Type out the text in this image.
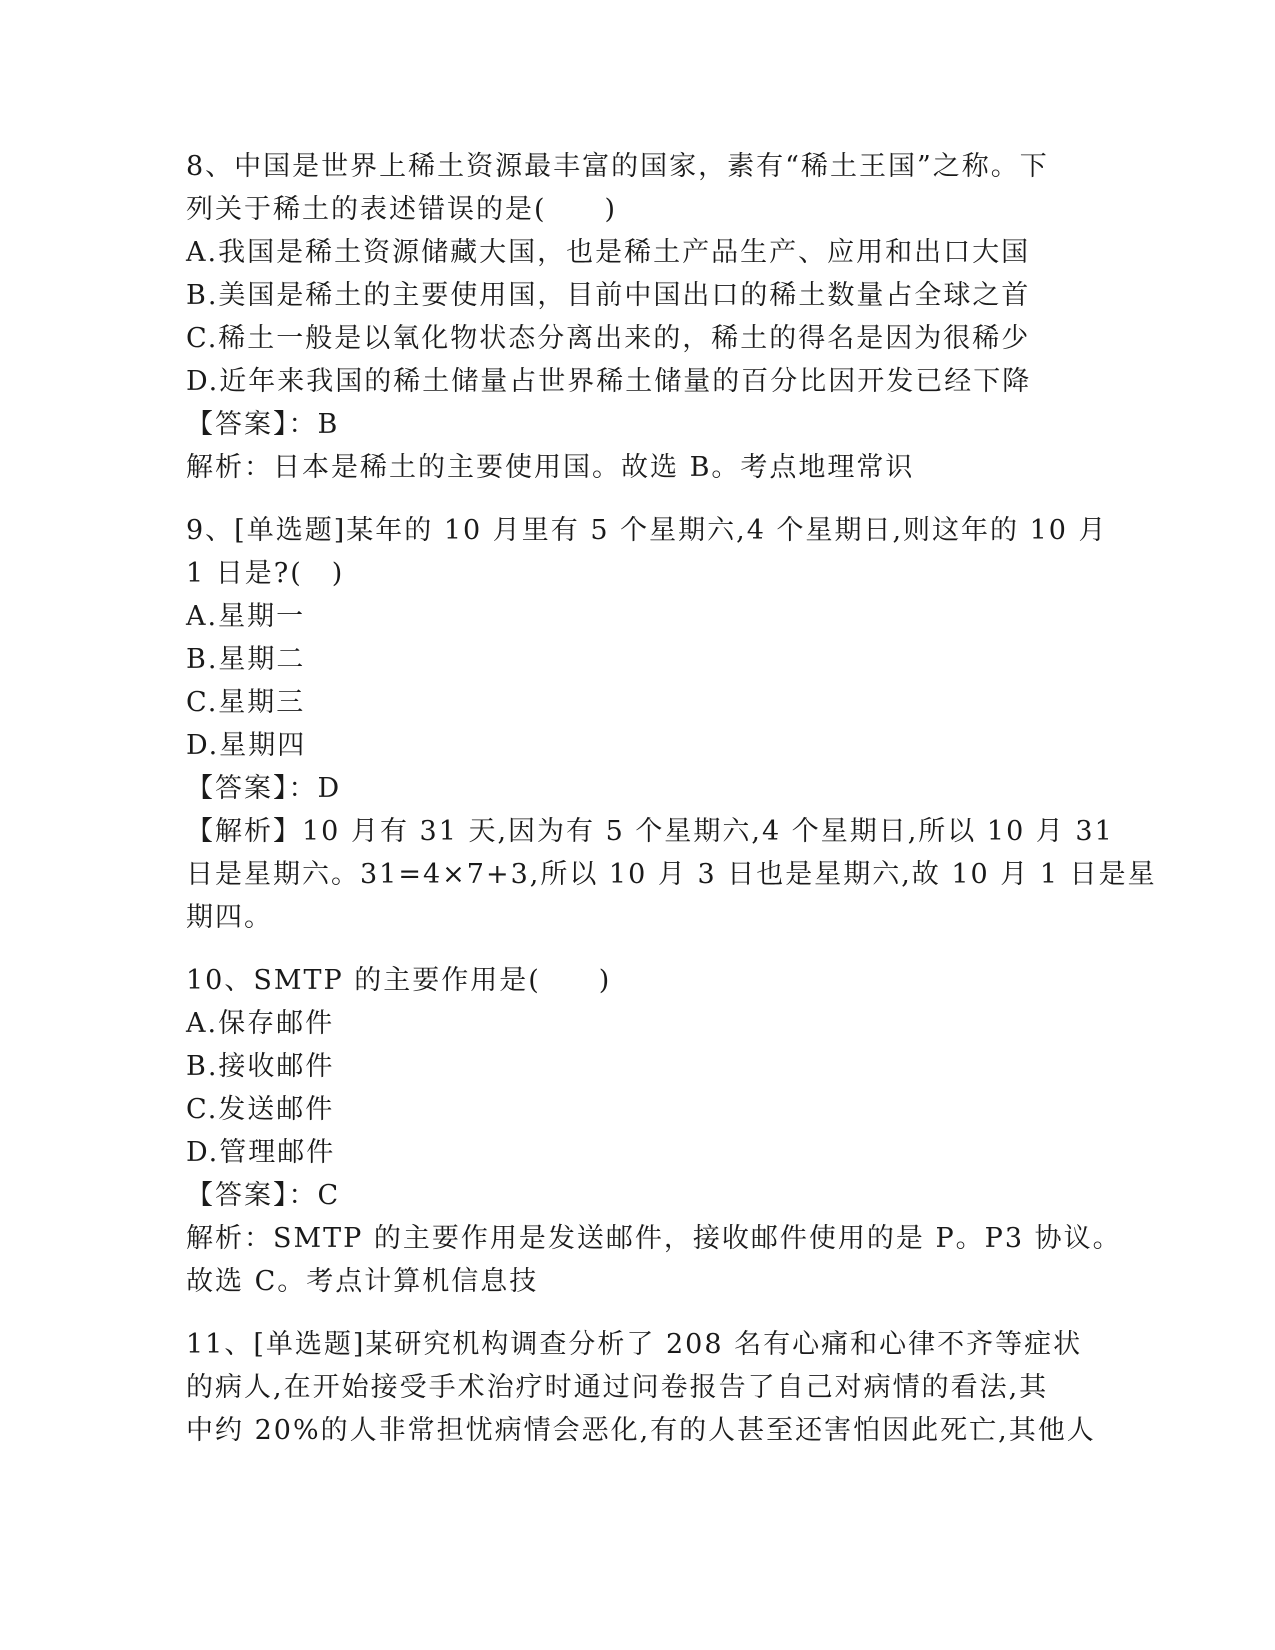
8、中国是世界上稀土资源最丰富的国家，素有“稀土王国”之称。下
列关于稀土的表述错误的是(　　)
A.我国是稀土资源储藏大国，也是稀土产品生产、应用和出口大国
B.美国是稀土的主要使用国，目前中国出口的稀土数量占全球之首
C.稀土一般是以氧化物状态分离出来的，稀土的得名是因为很稀少
D.近年来我国的稀土储量占世界稀土储量的百分比因开发已经下降
【答案】：B
解析：日本是稀土的主要使用国。故选 B。考点地理常识
9、[单选题]某年的 10 月里有 5 个星期六,4 个星期日,则这年的 10 月
1 日是?(　)
A.星期一
B.星期二
C.星期三
D.星期四
【答案】：D
【解析】10 月有 31 天,因为有 5 个星期六,4 个星期日,所以 10 月 31
日是星期六。31=4×7+3,所以 10 月 3 日也是星期六,故 10 月 1 日是星
期四。
10、SMTP 的主要作用是(　　)
A.保存邮件
B.接收邮件
C.发送邮件
D.管理邮件
【答案】：C
解析：SMTP 的主要作用是发送邮件，接收邮件使用的是 P。P3 协议。
故选 C。考点计算机信息技
11、[单选题]某研究机构调查分析了 208 名有心痛和心律不齐等症状
的病人,在开始接受手术治疗时通过问卷报告了自己对病情的看法,其
中约 20%的人非常担忧病情会恶化,有的人甚至还害怕因此死亡,其他人
